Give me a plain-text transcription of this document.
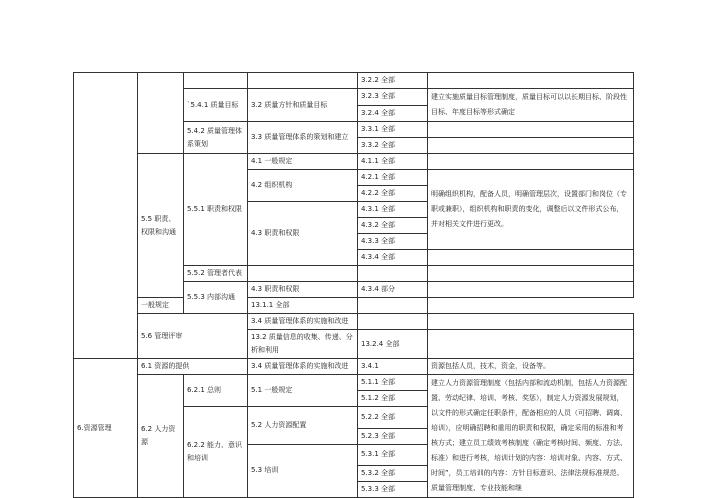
				3.2.2 全部	
		`5.4.1 质量目标	3.2 质量方针和质量目标	3.2.3 全部	建立实施质量目标管理制度，质量目标可以以长期目标、阶段性目标、年度目标等形式确定
				3.2.4 全部	
		5.4.2 质量管理体系策划	3.3 质量管理体系的策划和建立	3.3.1 全部	
				3.3.2 全部	
	5.5 职责、权限和沟通	5.5.1 职责和权限	4.1 一般规定	4.1.1 全部	
			4.2 组织机构	4.2.1 全部	明确组织机构，配备人员，明确管理层次，设置部门和岗位（专职或兼职），组织机构和职责的变化，调整后以文件形式公布，并对相关文件进行更改。
				4.2.2 全部	
			4.3 职责和权限	4.3.1 全部	
				4.3.2 全部	
				4.3.3 全部	
				4.3.4 全部	
		5.5.2 管理者代表			
		5.5.3 内部沟通	4.3 职责和权限	4.3.4 部分	
	一般规定		13.1.1 全部		
	5.6 管理评审		3.4 质量管理体系的实施和改进		
			13.2 质量信息的收集、传递、分析和利用	13.2.4 全部	
6.资源管理	6.1 资源的提供		3.4 质量管理体系的实施和改进	3.4.1	资源包括人员，技术，资金，设备等。
	6.2 人力资源	6.2.1 总则	5.1 一般规定	5.1.1 全部	建立人力资源管理制度（包括内部和流动机制，包括人力资源配置、劳动纪律、培训、考核、奖惩），制定人力资源发展规划，以文件的形式确定任职条件，配备相应的人员（可招聘、调离、培训），应明确招聘和重用的职责和权限，确定采用的标准和考核方式；建立员工绩效考核制度（确定考核时间、频度、方法、标准）和进行考核，培训计划的内容：培训对象、内容、方式、时间”，员工培训的内容：方针目标意识、法律法规标准规范、质量管理制度、专业技能和继
				5.1.2 全部	
		6.2.2 能力、意识和培训	5.2 人力资源配置	5.2.2 全部	
				5.2.3 全部	
			5.3 培训	5.3.1 全部	
				5.3.2 全部	
				5.3.3 全部	
